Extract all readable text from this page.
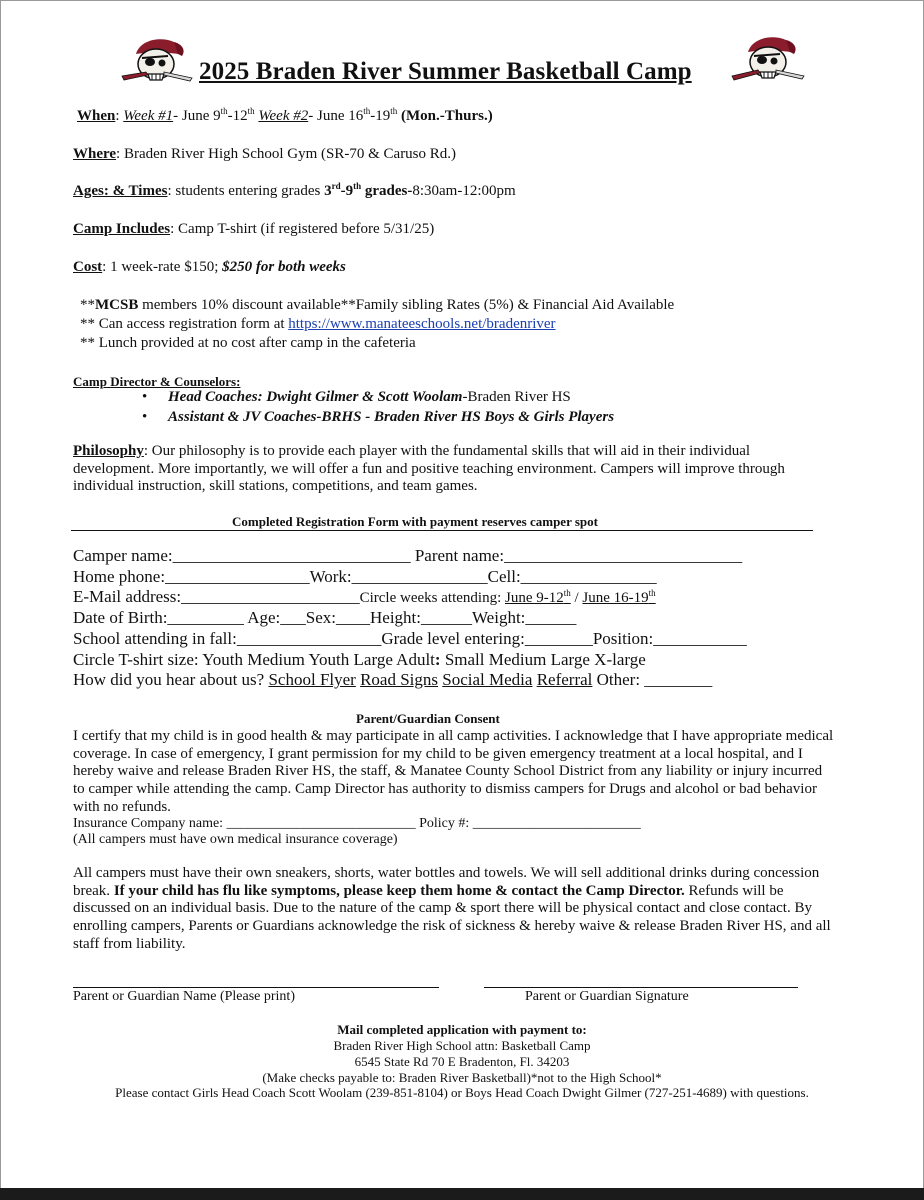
2025 Braden River Summer Basketball Camp
When: Week #1- June 9th-12th Week #2- June 16th-19th (Mon.-Thurs.)
Where: Braden River High School Gym (SR-70 & Caruso Rd.)
Ages: & Times: students entering grades 3rd-9th grades-8:30am-12:00pm
Camp Includes: Camp T-shirt (if registered before 5/31/25)
Cost: 1 week-rate $150; $250 for both weeks
**MCSB members 10% discount available**Family sibling Rates (5%) & Financial Aid Available
** Can access registration form at https://www.manateeschools.net/bradenriver
** Lunch provided at no cost after camp in the cafeteria
Camp Director & Counselors:
• Head Coaches: Dwight Gilmer & Scott Woolam-Braden River HS
• Assistant & JV Coaches-BRHS - Braden River HS Boys & Girls Players
Philosophy: Our philosophy is to provide each player with the fundamental skills that will aid in their individual development. More importantly, we will offer a fun and positive teaching environment. Campers will improve through individual instruction, skill stations, competitions, and team games.
Completed Registration Form with payment reserves camper spot
Camper name:____________________________ Parent name:____________________________
Home phone:_________________Work:________________Cell:________________
E-Mail address:_____________________Circle weeks attending: June 9-12th / June 16-19th
Date of Birth:_________ Age:___Sex:____Height:______Weight:______
School attending in fall:_________________Grade level entering:________Position:___________
Circle T-shirt size: Youth Medium Youth Large Adult: Small Medium Large X-large
How did you hear about us? School Flyer Road Signs Social Media Referral Other: ________
Parent/Guardian Consent
I certify that my child is in good health & may participate in all camp activities. I acknowledge that I have appropriate medical coverage. In case of emergency, I grant permission for my child to be given emergency treatment at a local hospital, and I hereby waive and release Braden River HS, the staff, & Manatee County School District from any liability or injury incurred to camper while attending the camp. Camp Director has authority to dismiss campers for Drugs and alcohol or bad behavior with no refunds.
Insurance Company name: ___________________________ Policy #: ________________________
(All campers must have own medical insurance coverage)
All campers must have their own sneakers, shorts, water bottles and towels. We will sell additional drinks during concession break. If your child has flu like symptoms, please keep them home & contact the Camp Director. Refunds will be discussed on an individual basis. Due to the nature of the camp & sport there will be physical contact and close contact. By enrolling campers, Parents or Guardians acknowledge the risk of sickness & hereby waive & release Braden River HS, and all staff from liability.
Parent or Guardian Name (Please print)	Parent or Guardian Signature
Mail completed application with payment to:
Braden River High School attn: Basketball Camp
6545 State Rd 70 E Bradenton, Fl. 34203
(Make checks payable to: Braden River Basketball)*not to the High School*
Please contact Girls Head Coach Scott Woolam (239-851-8104) or Boys Head Coach Dwight Gilmer (727-251-4689) with questions.
